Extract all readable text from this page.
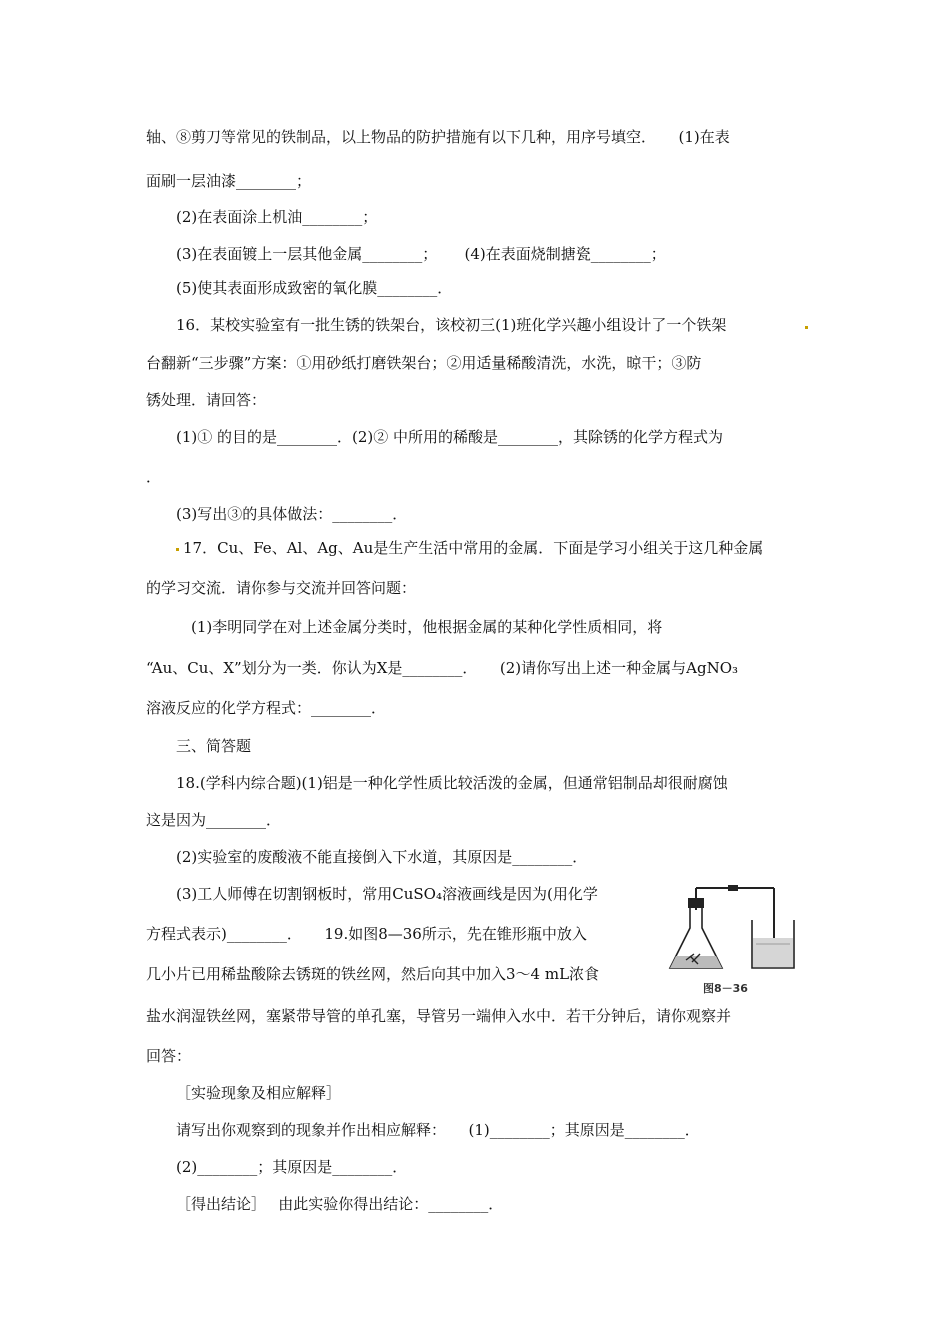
轴、⑧剪刀等常见的铁制品，以上物品的防护措施有以下几种，用序号填空．　　(1)在表
面刷一层油漆________；
(2)在表面涂上机油________；
(3)在表面镀上一层其他金属________；　　 (4)在表面烧制搪瓷________；
(5)使其表面形成致密的氧化膜________．
16．某校实验室有一批生锈的铁架台，该校初三(1)班化学兴趣小组设计了一个铁架
台翻新“三步骤”方案：①用砂纸打磨铁架台；②用适量稀酸清洗，水洗，晾干；③防
锈处理．请回答：
(1)① 的目的是________．(2)② 中所用的稀酸是________，其除锈的化学方程式为
．
(3)写出③的具体做法：________．
17．Cu、Fe、Al、Ag、Au是生产生活中常用的金属．下面是学习小组关于这几种金属
的学习交流．请你参与交流并回答问题：
(1)李明同学在对上述金属分类时，他根据金属的某种化学性质相同，将
“Au、Cu、X”划分为一类．你认为X是________．　　(2)请你写出上述一种金属与AgNO₃
溶液反应的化学方程式：________．
三、简答题
18.(学科内综合题)(1)铝是一种化学性质比较活泼的金属，但通常铝制品却很耐腐蚀
这是因为________．
(2)实验室的废酸液不能直接倒入下水道，其原因是________．
(3)工人师傅在切割钢板时，常用CuSO₄溶液画线是因为(用化学
方程式表示)________．　　19.如图8—36所示，先在锥形瓶中放入
几小片已用稀盐酸除去锈斑的铁丝网，然后向其中加入3～4 mL浓食
盐水润湿铁丝网，塞紧带导管的单孔塞，导管另一端伸入水中．若干分钟后，请你观察并
回答：
［实验现象及相应解释］
请写出你观察到的现象并作出相应解释：　　(1)________；其原因是________．
(2)________；其原因是________．
［得出结论］　 由此实验你得出结论：________．
图8－36
